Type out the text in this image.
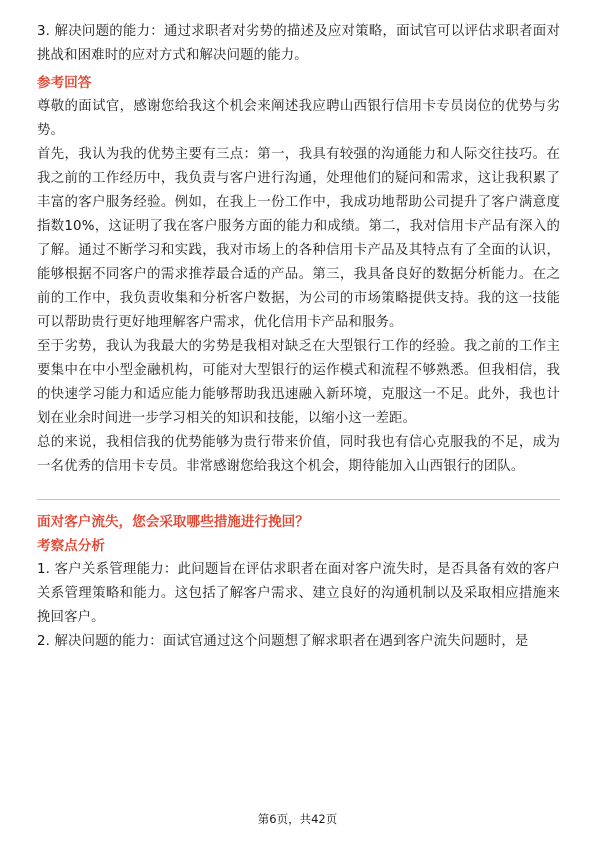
3. 解决问题的能力：通过求职者对劣势的描述及应对策略，面试官可以评估求职者面对挑战和困难时的应对方式和解决问题的能力。

参考回答

尊敬的面试官，感谢您给我这个机会来阐述我应聘山西银行信用卡专员岗位的优势与劣势。

首先，我认为我的优势主要有三点：第一，我具有较强的沟通能力和人际交往技巧。在我之前的工作经历中，我负责与客户进行沟通，处理他们的疑问和需求，这让我积累了丰富的客户服务经验。例如，在我上一份工作中，我成功地帮助公司提升了客户满意度指数10%，这证明了我在客户服务方面的能力和成绩。第二，我对信用卡产品有深入的了解。通过不断学习和实践，我对市场上的各种信用卡产品及其特点有了全面的认识，能够根据不同客户的需求推荐最合适的产品。第三，我具备良好的数据分析能力。在之前的工作中，我负责收集和分析客户数据，为公司的市场策略提供支持。我的这一技能可以帮助贵行更好地理解客户需求，优化信用卡产品和服务。

至于劣势，我认为我最大的劣势是我相对缺乏在大型银行工作的经验。我之前的工作主要集中在中小型金融机构，可能对大型银行的运作模式和流程不够熟悉。但我相信，我的快速学习能力和适应能力能够帮助我迅速融入新环境，克服这一不足。此外，我也计划在业余时间进一步学习相关的知识和技能，以缩小这一差距。

总的来说，我相信我的优势能够为贵行带来价值，同时我也有信心克服我的不足，成为一名优秀的信用卡专员。非常感谢您给我这个机会，期待能加入山西银行的团队。

面对客户流失，您会采取哪些措施进行挽回？

考察点分析

1. 客户关系管理能力：此问题旨在评估求职者在面对客户流失时，是否具备有效的客户关系管理策略和能力。这包括了解客户需求、建立良好的沟通机制以及采取相应措施来挽回客户。

2. 解决问题的能力：面试官通过这个问题想了解求职者在遇到客户流失问题时，是

第6页，共42页
